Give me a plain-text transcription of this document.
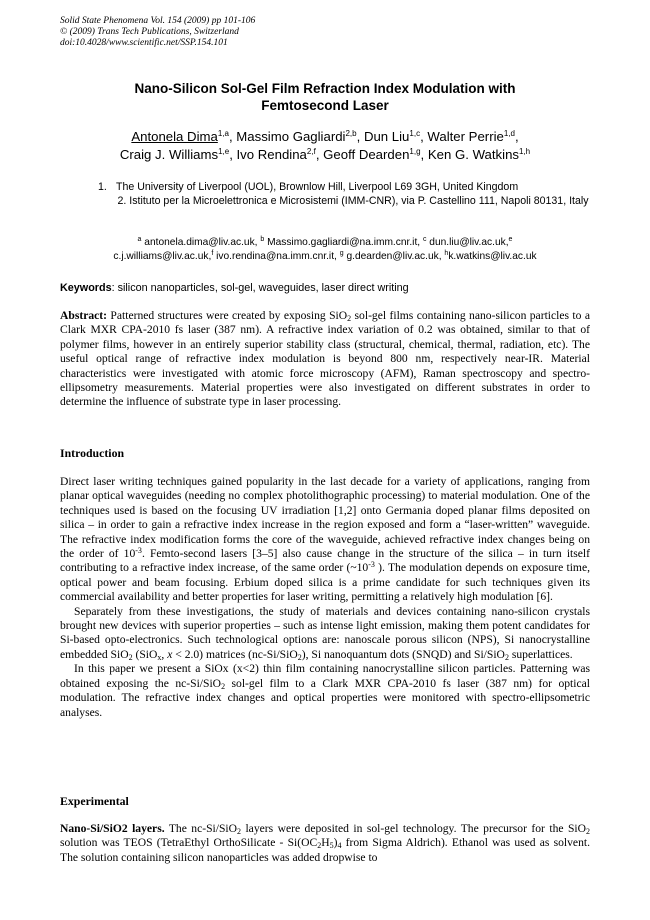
Solid State Phenomena Vol. 154 (2009) pp 101-106
© (2009) Trans Tech Publications, Switzerland
doi:10.4028/www.scientific.net/SSP.154.101
Nano-Silicon Sol-Gel Film Refraction Index Modulation with
Femtosecond Laser
Antonela Dima$^{1,a}$, Massimo Gagliardi$^{2,b}$, Dun Liu$^{1,c}$, Walter Perrie$^{1,d}$,
Craig J. Williams$^{1,e}$, Ivo Rendina$^{2,f}$, Geoff Dearden$^{1,g}$, Ken G. Watkins$^{1,h}$
1. The University of Liverpool (UOL), Brownlow Hill, Liverpool L69 3GH, United Kingdom
2. Istituto per la Microelettronica e Microsistemi (IMM-CNR), via P. Castellino 111, Napoli 80131, Italy
$^a$ antonela.dima@liv.ac.uk, $^b$ Massimo.gagliardi@na.imm.cnr.it, $^c$ dun.liu@liv.ac.uk,$^e$
c.j.williams@liv.ac.uk,$^f$ ivo.rendina@na.imm.cnr.it, $^g$ g.dearden@liv.ac.uk, $^h$k.watkins@liv.ac.uk
Keywords: silicon nanoparticles, sol-gel, waveguides, laser direct writing
Abstract: Patterned structures were created by exposing SiO$_2$ sol-gel films containing nano-silicon particles to a Clark MXR CPA-2010 fs laser (387 nm). A refractive index variation of 0.2 was obtained, similar to that of polymer films, however in an entirely superior stability class (structural, chemical, thermal, radiation, etc). The useful optical range of refractive index modulation is beyond 800 nm, respectively near-IR. Material characteristics were investigated with atomic force microscopy (AFM), Raman spectroscopy and spectro-ellipsometry measurements. Material properties were also investigated on different substrates in order to determine the influence of substrate type in laser processing.
Introduction

Direct laser writing techniques gained popularity in the last decade for a variety of applications, ranging from planar optical waveguides (needing no complex photolithographic processing) to material modulation. One of the techniques used is based on the focusing UV irradiation [1,2] onto Germania doped planar films deposited on silica – in order to gain a refractive index increase in the region exposed and form a “laser-written” waveguide. The refractive index modification forms the core of the waveguide, achieved refractive index changes being on the order of $10^{-3}$. Femto-second lasers [3–5] also cause change in the structure of the silica – in turn itself contributing to a refractive index increase, of the same order ($\sim 10^{-3}$ ). The modulation depends on exposure time, optical power and beam focusing. Erbium doped silica is a prime candidate for such techniques given its commercial availability and better properties for laser writing, permitting a relatively high modulation [6].

Separately from these investigations, the study of materials and devices containing nano-silicon crystals brought new devices with superior properties – such as intense light emission, making them potent candidates for Si-based opto-electronics. Such technological options are: nanoscale porous silicon (NPS), Si nanocrystalline embedded SiO$_2$ (SiO$_x$, x < 2.0) matrices (nc-Si/SiO$_2$), Si nanoquantum dots (SNQD) and Si/SiO$_2$ superlattices.

In this paper we present a SiOx (x<2) thin film containing nanocrystalline silicon particles. Patterning was obtained exposing the nc-Si/SiO$_2$ sol-gel film to a Clark MXR CPA-2010 fs laser (387 nm) for optical modulation. The refractive index changes and optical properties were monitored with spectro-ellipsometric analyses.

Experimental
Nano-Si/SiO2 layers. The nc-Si/SiO$_2$ layers were deposited in sol-gel technology. The precursor for the SiO$_2$ solution was TEOS (TetraEthyl OrthoSilicate - $Si(OC_2H_5)_4$ from Sigma Aldrich). Ethanol was used as solvent. The solution containing silicon nanoparticles was added dropwise to
